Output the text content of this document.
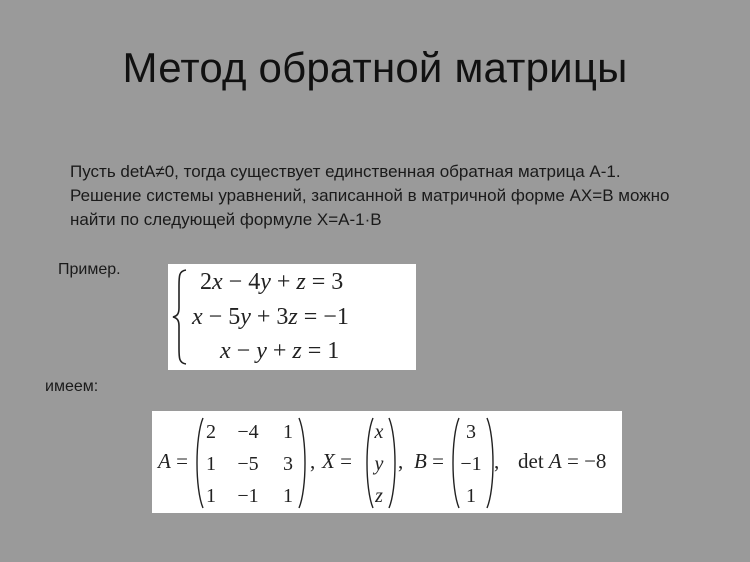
Метод обратной матрицы
Пусть detA≠0, тогда существует единственная обратная матрица А-1. Решение системы уравнений, записанной в матричной форме АХ=В можно найти по следующей формуле Х=А-1·В
Пример.	2x − 4y + z = 3
x − 5y + 3z = −1
x − y + z = 1
имеем:
A =
2	−4	1
1	−5	3
1	−1	1
, X =
x
y
z
, B =
3
−1
1
, det A = −8
